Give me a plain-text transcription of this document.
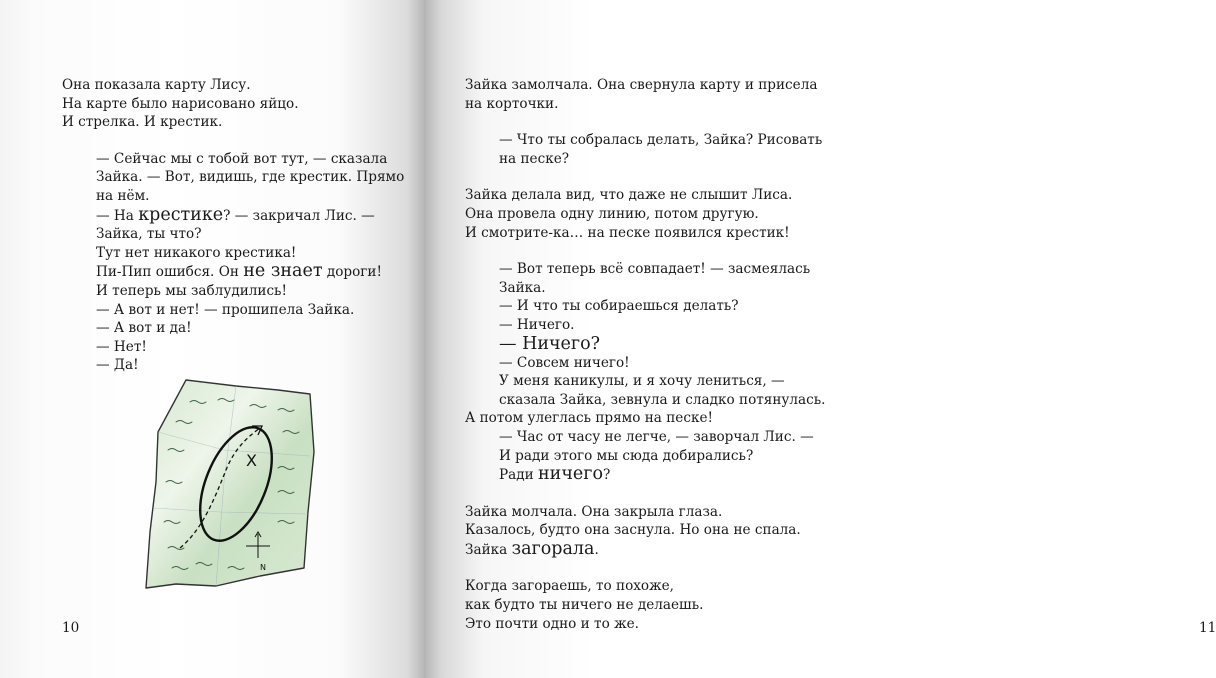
Она показала карту Лису.

На карте было нарисовано яйцо.

И стрелка. И крестик.

— Сейчас мы с тобой вот тут, — сказала

Зайка. — Вот, видишь, где крестик. Прямо

на нём.

— На крестике? — закричал Лис. —

Зайка, ты что?

Тут нет никакого крестика!

Пи-Пип ошибся. Он не знает дороги!

И теперь мы заблудились!

— А вот и нет! — прошипела Зайка.

— А вот и да!

— Нет!

— Да!

X
N
10	11

Зайка замолчала. Она свернула карту и присела

на корточки.

— Что ты собралась делать, Зайка? Рисовать

на песке?

Зайка делала вид, что даже не слышит Лиса.

Она провела одну линию, потом другую.

И смотрите-ка… на песке появился крестик!

— Вот теперь всё совпадает! — засмеялась

Зайка.

— И что ты собираешься делать?

— Ничего.

— Ничего?

— Совсем ничего!

У меня каникулы, и я хочу лениться, —

сказала Зайка, зевнула и сладко потянулась.

А потом улеглась прямо на песке!

— Час от часу не легче, — заворчал Лис. —

И ради этого мы сюда добирались?

Ради ничего?

Зайка молчала. Она закрыла глаза.

Казалось, будто она заснула. Но она не спала.

Зайка загорала.

Когда загораешь, то похоже,

как будто ты ничего не делаешь.

Это почти одно и то же.
